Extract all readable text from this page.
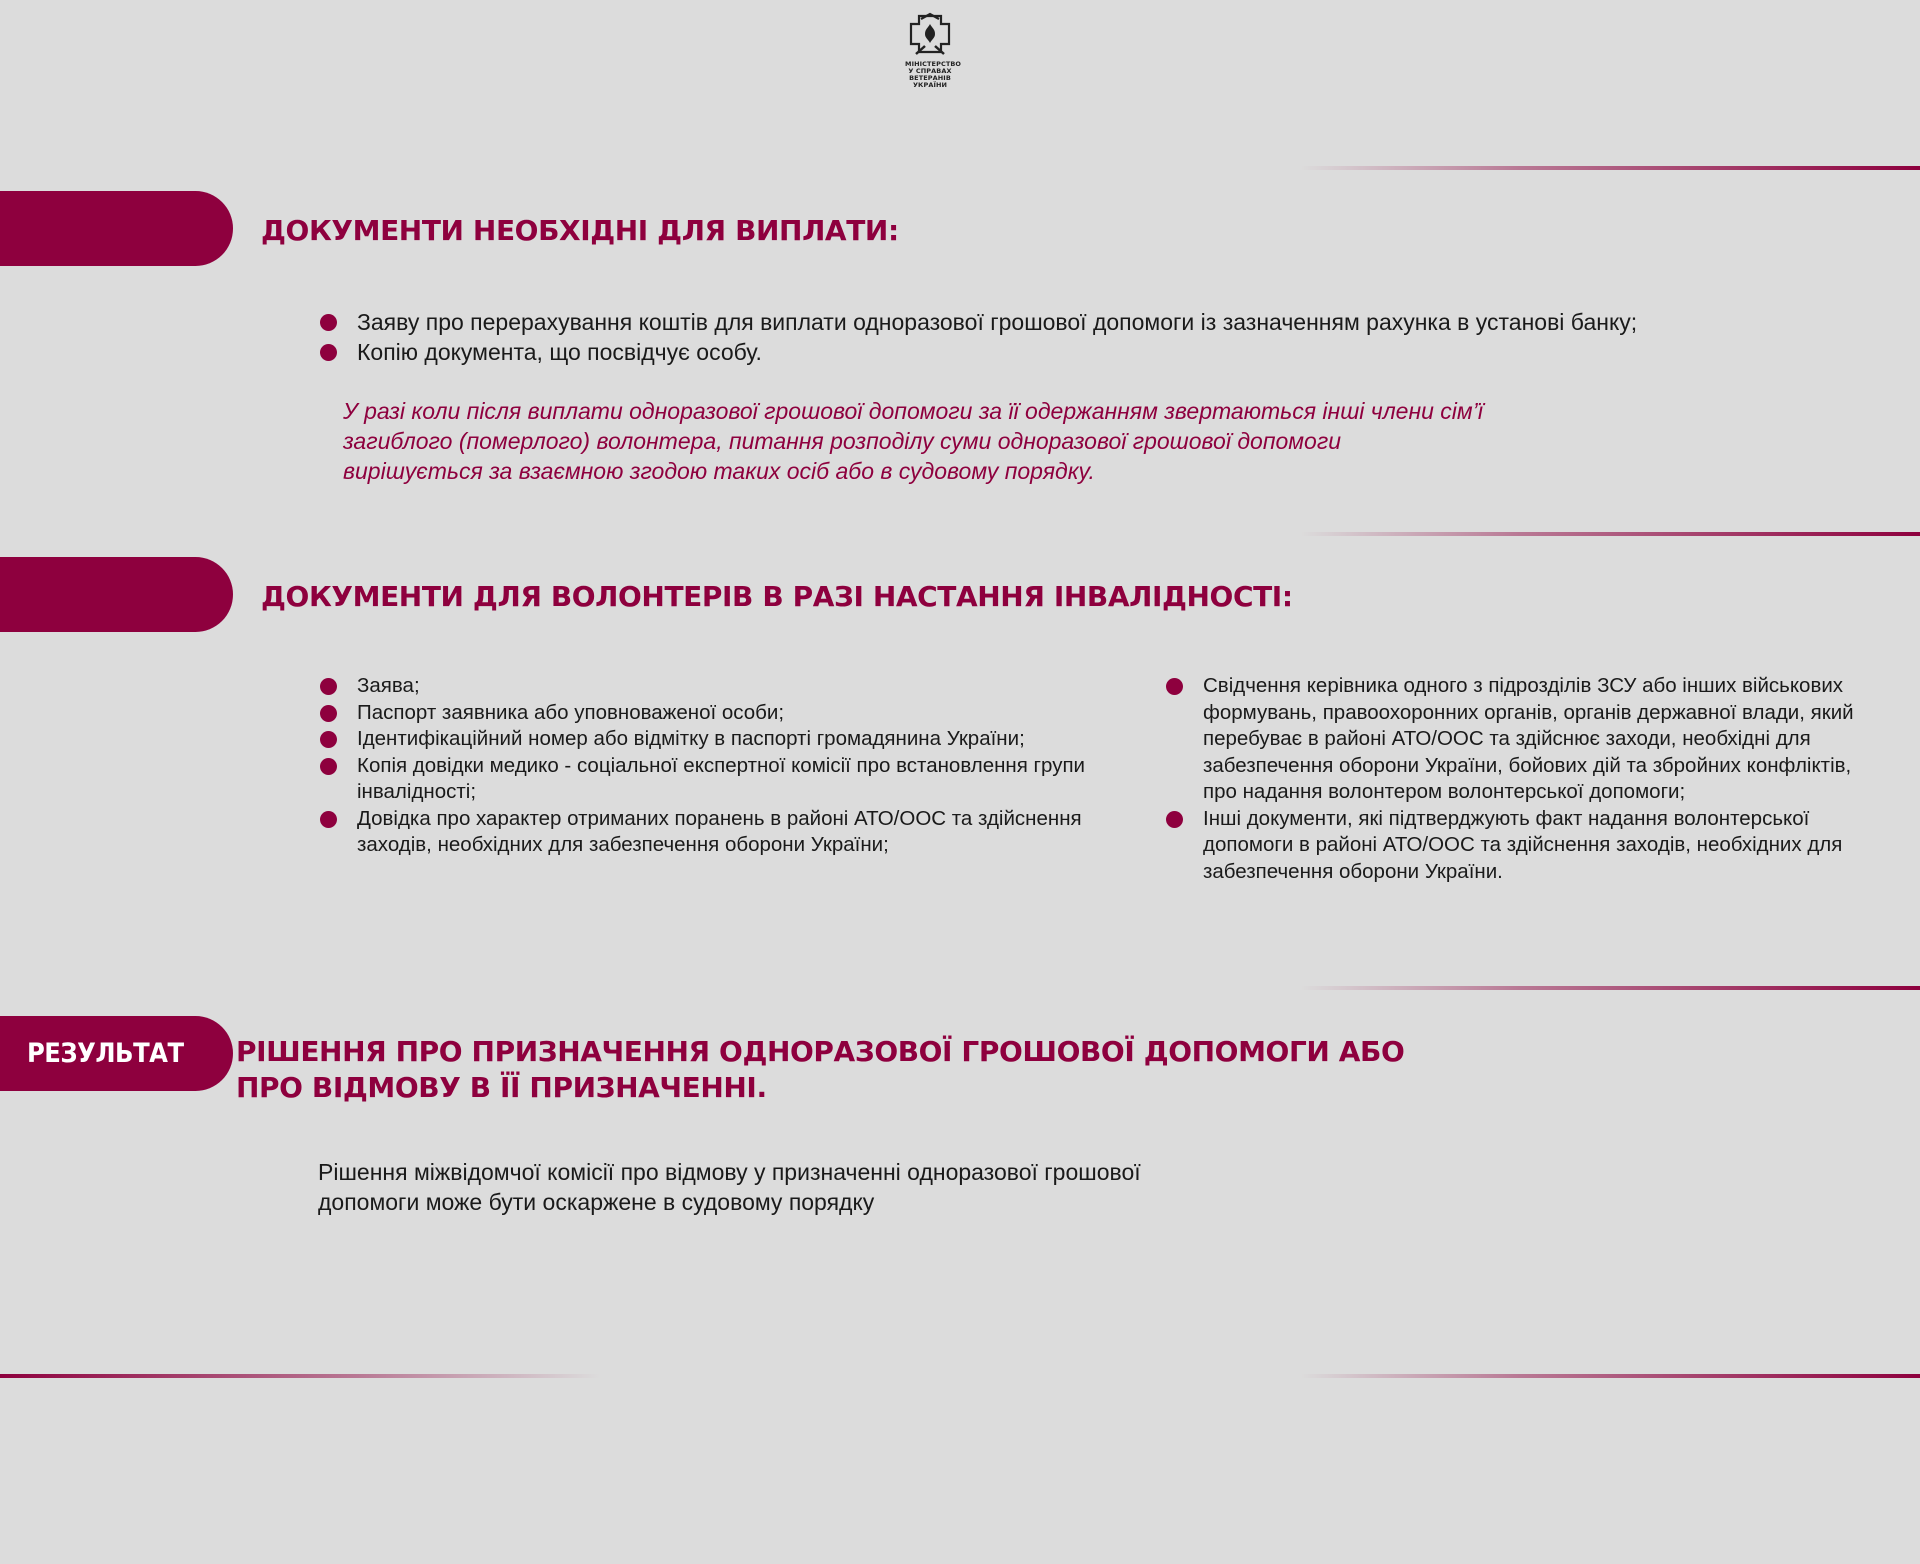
МІНІСТЕРСТВО
У СПРАВАХ
ВЕТЕРАНІВ
УКРАЇНИ
ДОКУМЕНТИ НЕОБХІДНІ ДЛЯ ВИПЛАТИ:
Заяву про перерахування коштів для виплати одноразової грошової допомоги із зазначенням рахунка в установі банку;
Копію документа, що посвідчує особу.

У разі коли після виплати одноразової грошової допомоги за її одержанням звертаються інші члени сім’ї
загиблого (померлого) волонтера, питання розподілу суми одноразової грошової допомоги
вирішується за взаємною згодою таких осіб або в судовому порядку.

ДОКУМЕНТИ ДЛЯ ВОЛОНТЕРІВ В РАЗІ НАСТАННЯ ІНВАЛІДНОСТІ:
Заява;
Паспорт заявника або уповноваженої особи;
Ідентифікаційний номер або відмітку в паспорті громадянина України;
Копія довідки медико - соціальної експертної комісії про встановлення групи інвалідності;
Довідка про характер отриманих поранень в районі АТО/ООС та здійснення заходів, необхідних для забезпечення оборони України;
Свідчення керівника одного з підрозділів ЗСУ або інших військових формувань, правоохоронних органів, органів державної влади, який перебуває в районі АТО/ООС та здійснює заходи, необхідні для забезпечення оборони України, бойових дій та збройних конфліктів, про надання волонтером волонтерської допомоги;
Інші документи, які підтверджують факт надання волонтерської допомоги в районі АТО/ООС та здійснення заходів, необхідних для забезпечення оборони України.
РЕЗУЛЬТАТ	РІШЕННЯ ПРО ПРИЗНАЧЕННЯ ОДНОРАЗОВОЇ ГРОШОВОЇ ДОПОМОГИ АБО
ПРО ВІДМОВУ В ЇЇ ПРИЗНАЧЕННІ.

Рішення міжвідомчої комісії про відмову у призначенні одноразової грошової
допомоги може бути оскаржене в судовому порядку
